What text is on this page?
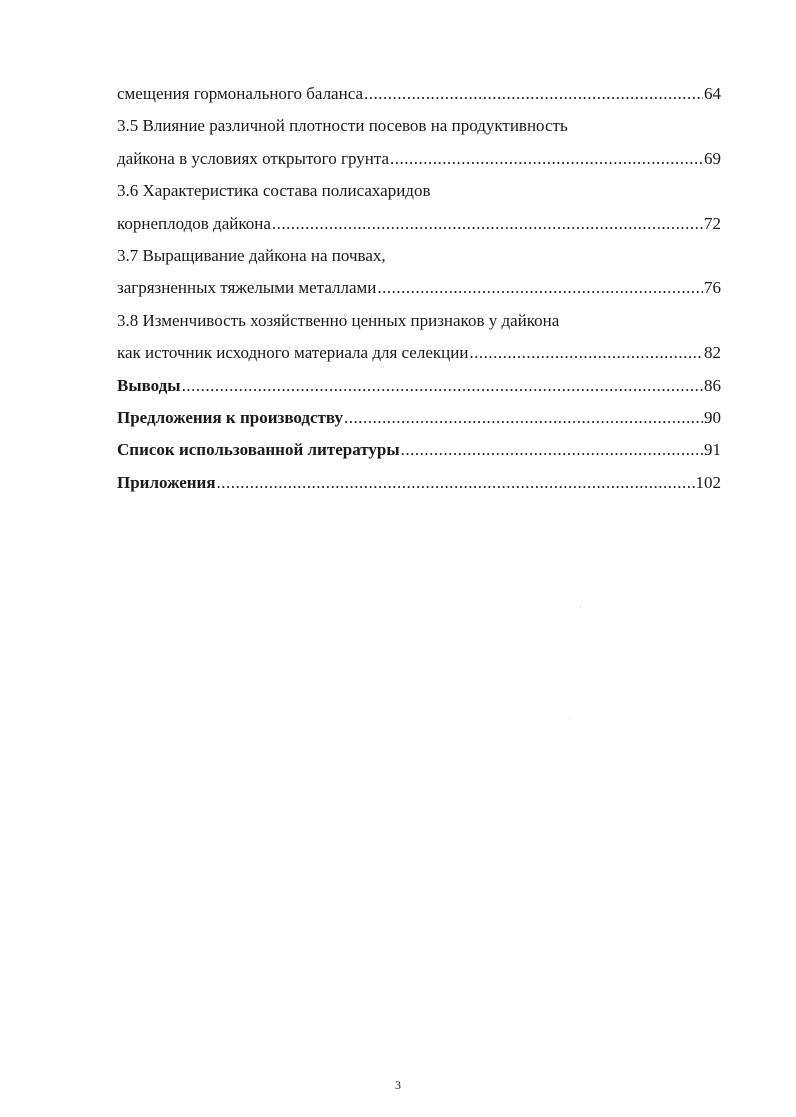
смещения гормонального баланса .....	64
3.5 Влияние различной плотности посевов на продуктивность
дайкона в условиях открытого грунта .....	69
3.6 Характеристика состава полисахаридов
корнеплодов дайкона .....	72
3.7 Выращивание дайкона на почвах,
загрязненных тяжелыми металлами .....	76
3.8 Изменчивость хозяйственно ценных признаков у дайкона
как источник исходного материала для селекции .....	82
Выводы .....	86
Предложения к производству .....	90
Список использованной литературы .....	91
Приложения .....	102
3
